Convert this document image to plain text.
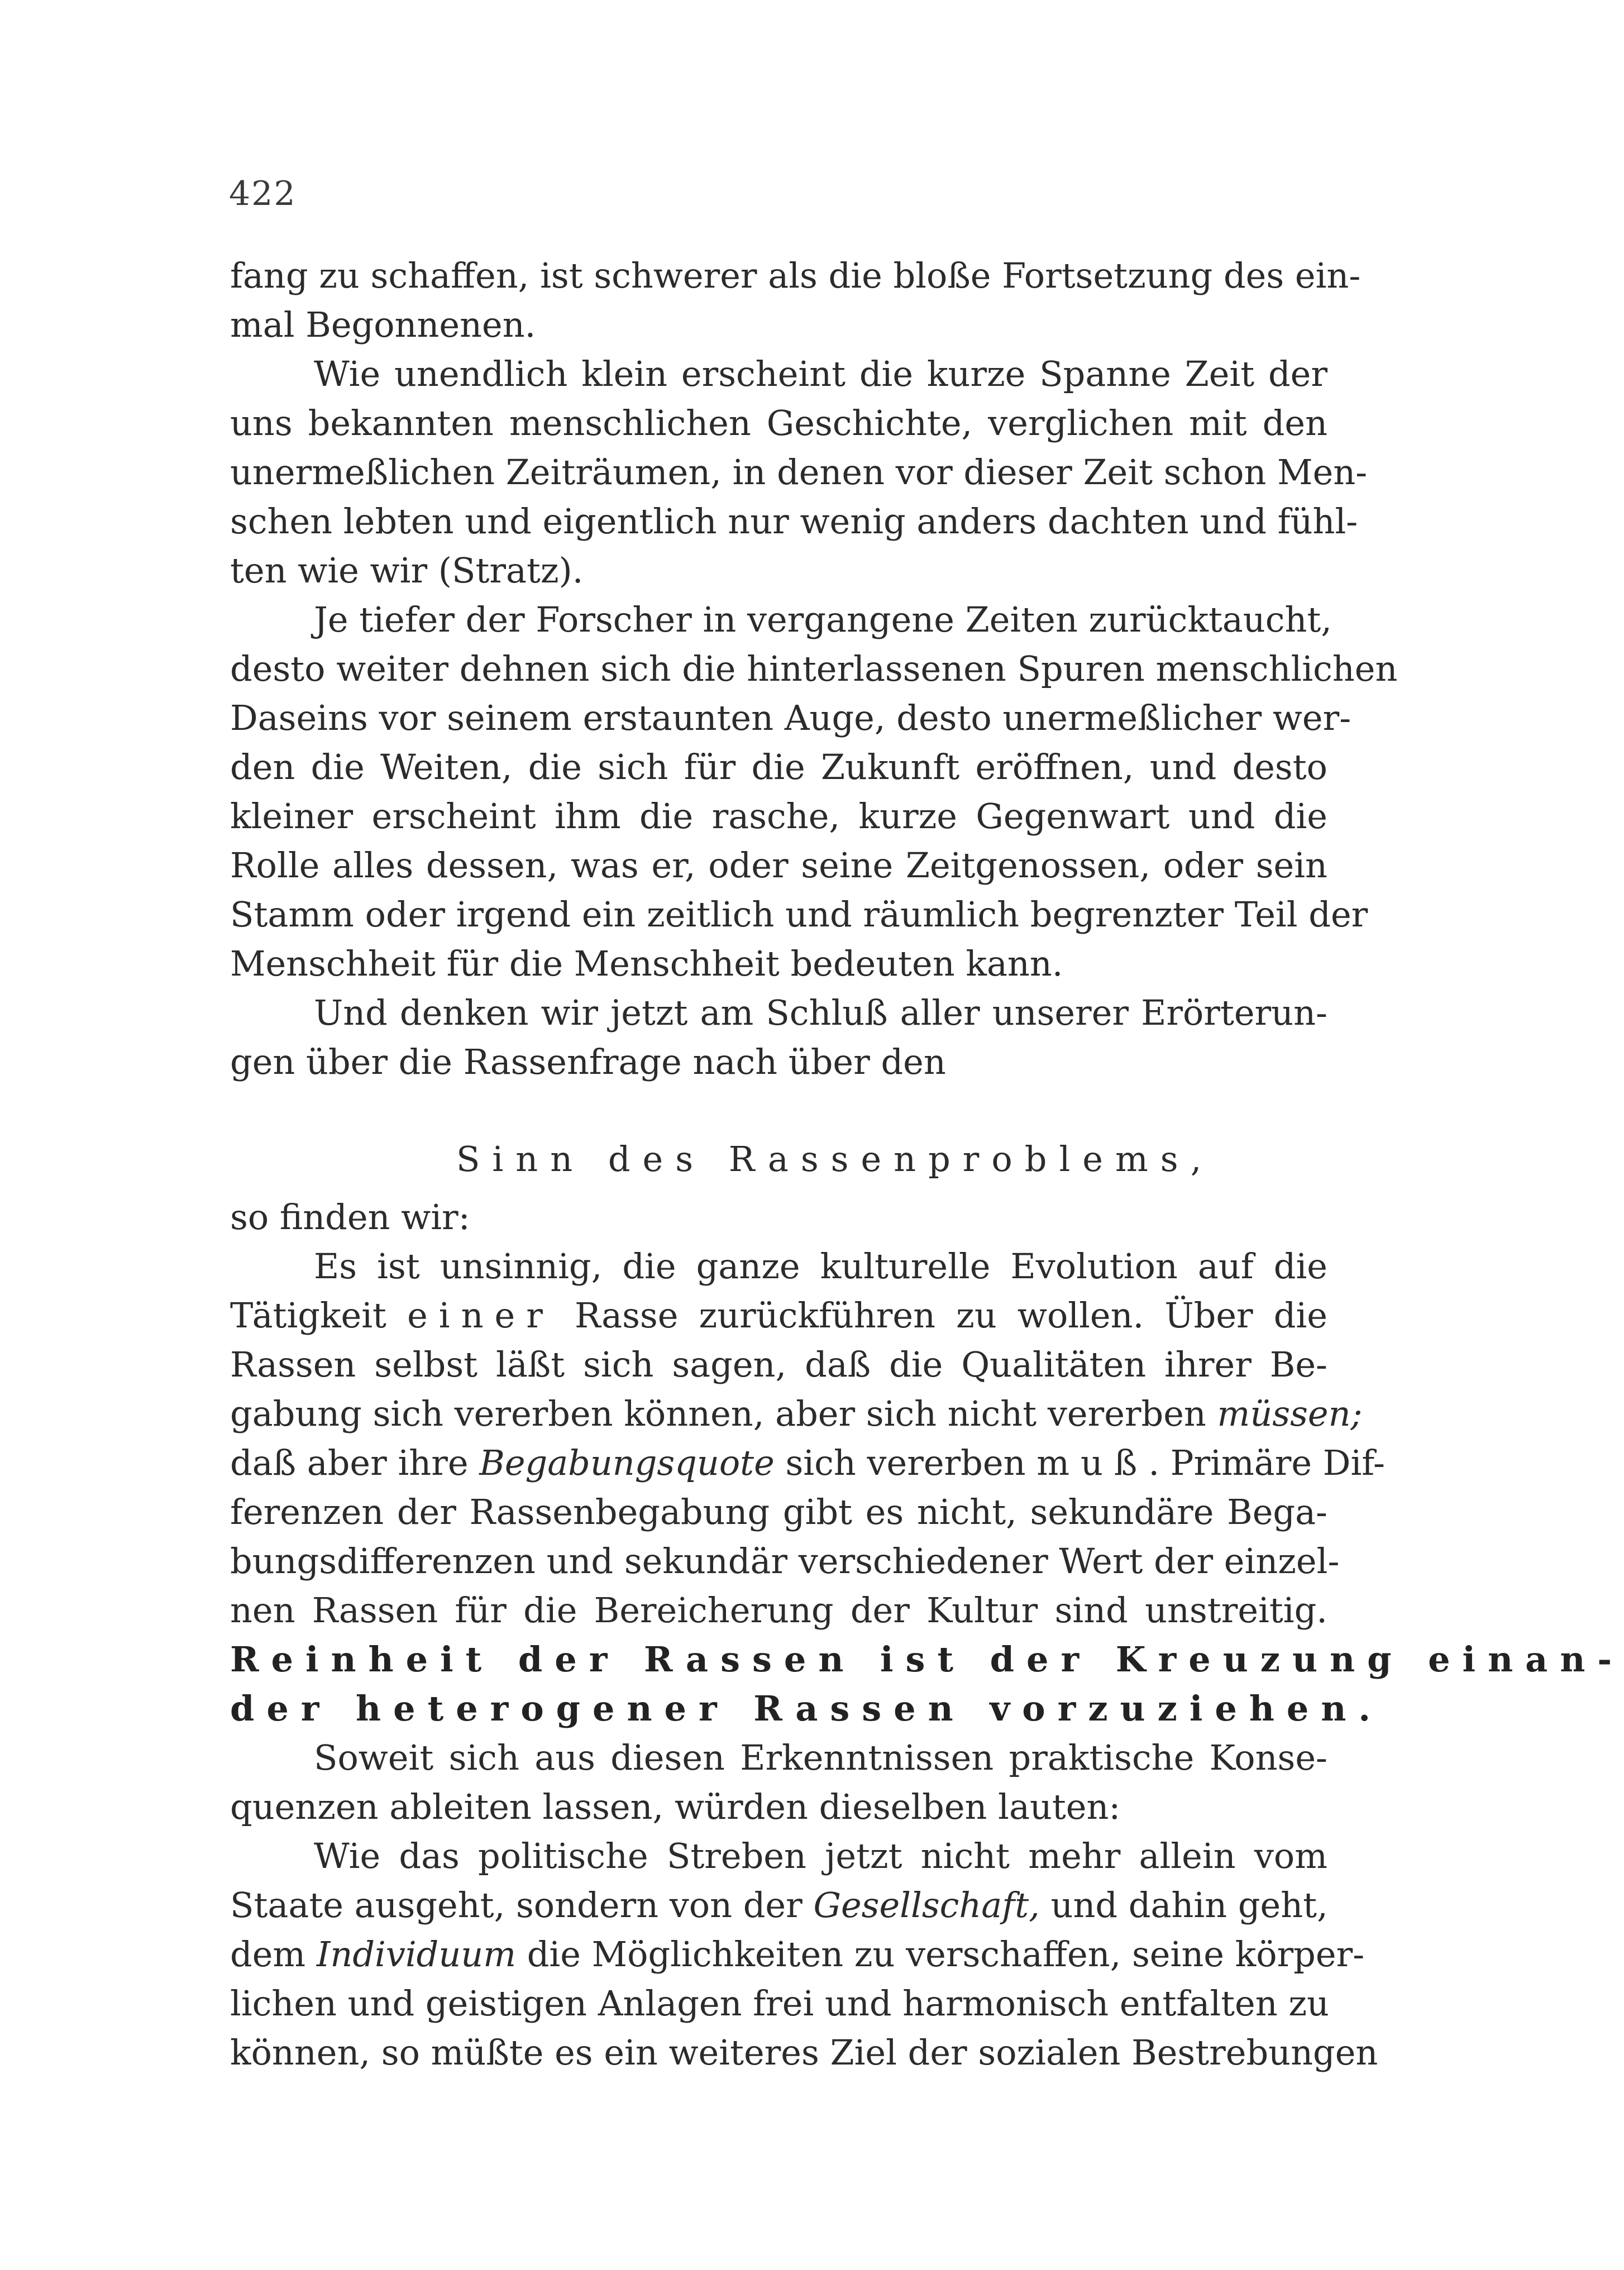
422
fang zu schaffen, ist schwerer als die bloße Fortsetzung des ein-
mal Begonnenen.
Wie unendlich klein erscheint die kurze Spanne Zeit der
uns bekannten menschlichen Geschichte, verglichen mit den
unermeßlichen Zeiträumen, in denen vor dieser Zeit schon Men-
schen lebten und eigentlich nur wenig anders dachten und fühl-
ten wie wir (Stratz).
Je tiefer der Forscher in vergangene Zeiten zurücktaucht,
desto weiter dehnen sich die hinterlassenen Spuren menschlichen
Daseins vor seinem erstaunten Auge, desto unermeßlicher wer-
den die Weiten, die sich für die Zukunft eröffnen, und desto
kleiner erscheint ihm die rasche, kurze Gegenwart und die
Rolle alles dessen, was er, oder seine Zeitgenossen, oder sein
Stamm oder irgend ein zeitlich und räumlich begrenzter Teil der
Menschheit für die Menschheit bedeuten kann.
Und denken wir jetzt am Schluß aller unserer Erörterun-
gen über die Rassenfrage nach über den
Sinn des Rassenproblems,
so finden wir:
Es ist unsinnig, die ganze kulturelle Evolution auf die
Tätigkeit einer Rasse zurückführen zu wollen. Über die
Rassen selbst läßt sich sagen, daß die Qualitäten ihrer Be-
gabung sich vererben können, aber sich nicht vererben müssen;
daß aber ihre Begabungsquote sich vererben muß. Primäre Dif-
ferenzen der Rassenbegabung gibt es nicht, sekundäre Bega-
bungsdifferenzen und sekundär verschiedener Wert der einzel-
nen Rassen für die Bereicherung der Kultur sind unstreitig.
Reinheit der Rassen ist der Kreuzung einan-
der heterogener Rassen vorzuziehen.
Soweit sich aus diesen Erkenntnissen praktische Konse-
quenzen ableiten lassen, würden dieselben lauten:
Wie das politische Streben jetzt nicht mehr allein vom
Staate ausgeht, sondern von der Gesellschaft, und dahin geht,
dem Individuum die Möglichkeiten zu verschaffen, seine körper-
lichen und geistigen Anlagen frei und harmonisch entfalten zu
können, so müßte es ein weiteres Ziel der sozialen Bestrebungen
